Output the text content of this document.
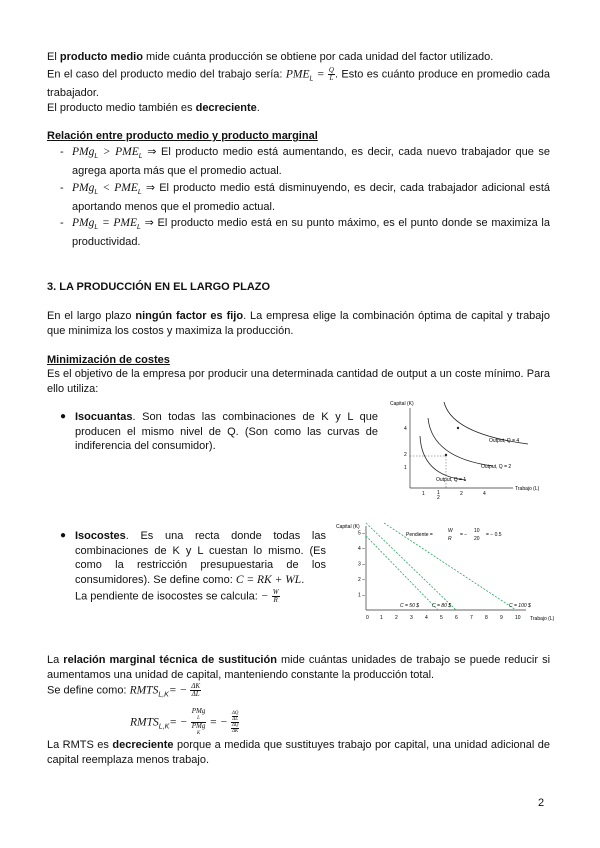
El producto medio mide cuánta producción se obtiene por cada unidad del factor utilizado.
En el caso del producto medio del trabajo sería: $PME_L = \frac{Q}{L}$ . Esto es cuánto produce en promedio cada trabajador.
El producto medio también es decreciente.
Relación entre producto medio y producto marginal
- $PMg_L > PME_L$ ⇒ El producto medio está aumentando, es decir, cada nuevo trabajador que se agrega aporta más que el promedio actual.
- $PMg_L < PME_L$ ⇒ El producto medio está disminuyendo, es decir, cada trabajador adicional está aportando menos que el promedio actual.
- $PMg_L = PME_L$ ⇒ El producto medio está en su punto máximo, es el punto donde se maximiza la productividad.
3. LA PRODUCCIÓN EN EL LARGO PLAZO
En el largo plazo ningún factor es fijo. La empresa elige la combinación óptima de capital y trabajo que minimiza los costos y maximiza la producción.
Minimización de costes
Es el objetivo de la empresa por producir una determinada cantidad de output a un coste mínimo. Para ello utiliza:
● Isocuantas. Son todas las combinaciones de K y L que producen el mismo nivel de Q. (Son como las curvas de indiferencia del consumidor).
Capital (K)
Trabajo (L)
4
2
1
1 1
2
2	4
Output, Q = 4
Output, Q = 2
Output, Q = 1
● Isocostes. Es una recta donde todas las combinaciones de K y L cuestan lo mismo. (Es como la restricción presupuestaria de los consumidores). Se define como: C = RK + WL.
La pendiente de isocostes se calcula: − $\frac{W}{R}$
Capital (K)
0	Trabajo (L)
5 –
4 –
3 –
2 –
1 –
1 2 3 4 5 6 7 8 9 10
Pendiente =
W
R
= −
10
20
= − 0.5
C = 50 $	C = 80 $	C = 100 $
La relación marginal técnica de sustitución mide cuántas unidades de trabajo se puede reducir si aumentamos una unidad de capital, manteniendo constante la producción total.
Se define como: $RMTS_{L,K}= - \frac{\Delta K}{\Delta L}$
$RMTS_{L,K}=$ − PMg
L
PMg
K = − ΔQ
ΔL
ΔQ
ΔK
La RMTS es decreciente porque a medida que sustituyes trabajo por capital, una unidad adicional de capital reemplaza menos trabajo.
2
